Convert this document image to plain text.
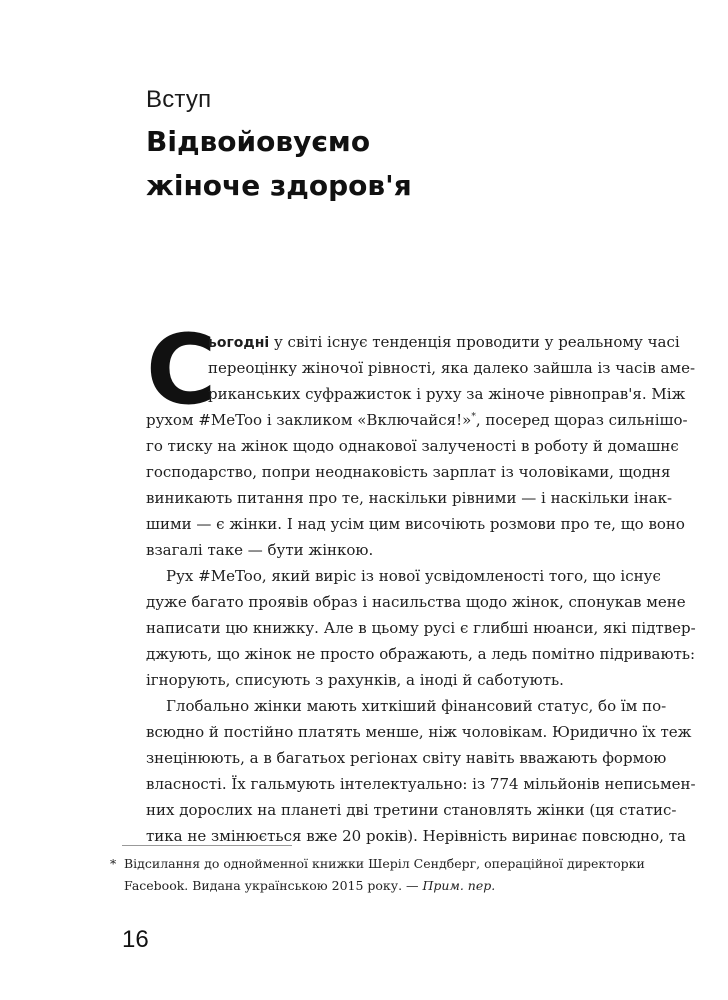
Вступ
Відвойовуємо
жіноче здоров'я
С
ьогодні у світі існує тенденція проводити у реальному часі
переоцінку жіночої рівності, яка далеко зайшла із часів аме-
риканських суфражисток і руху за жіноче рівноправ'я. Між
рухом #MeToo і закликом «Включайся!»*, посеред щораз сильнішо-
го тиску на жінок щодо однакової залученості в роботу й домашнє
господарство, попри неоднаковість зарплат із чоловіками, щодня
виникають питання про те, наскільки рівними — і наскільки інак-
шими — є жінки. І над усім цим височіють розмови про те, що воно
взагалі таке — бути жінкою.
Рух #MeToo, який виріс із нової усвідомленості того, що існує
дуже багато проявів образ і насильства щодо жінок, спонукав мене
написати цю книжку. Але в цьому русі є глибші нюанси, які підтвер-
джують, що жінок не просто ображають, а ледь помітно підривають:
ігнорують, списують з рахунків, а іноді й саботують.
Глобально жінки мають хиткіший фінансовий статус, бо їм по-
всюдно й постійно платять менше, ніж чоловікам. Юридично їх теж
знецінюють, а в багатьох регіонах світу навіть вважають формою
власності. Їх гальмують інтелектуально: із 774 мільйонів неписьмен-
них дорослих на планеті дві третини становлять жінки (ця статис-
тика не змінюється вже 20 років). Нерівність виринає повсюдно, та
* Відсилання до однойменної книжки Шеріл Сендберг, операційної директорки
Facebook. Видана українською 2015 року. — Прим. пер.
16
